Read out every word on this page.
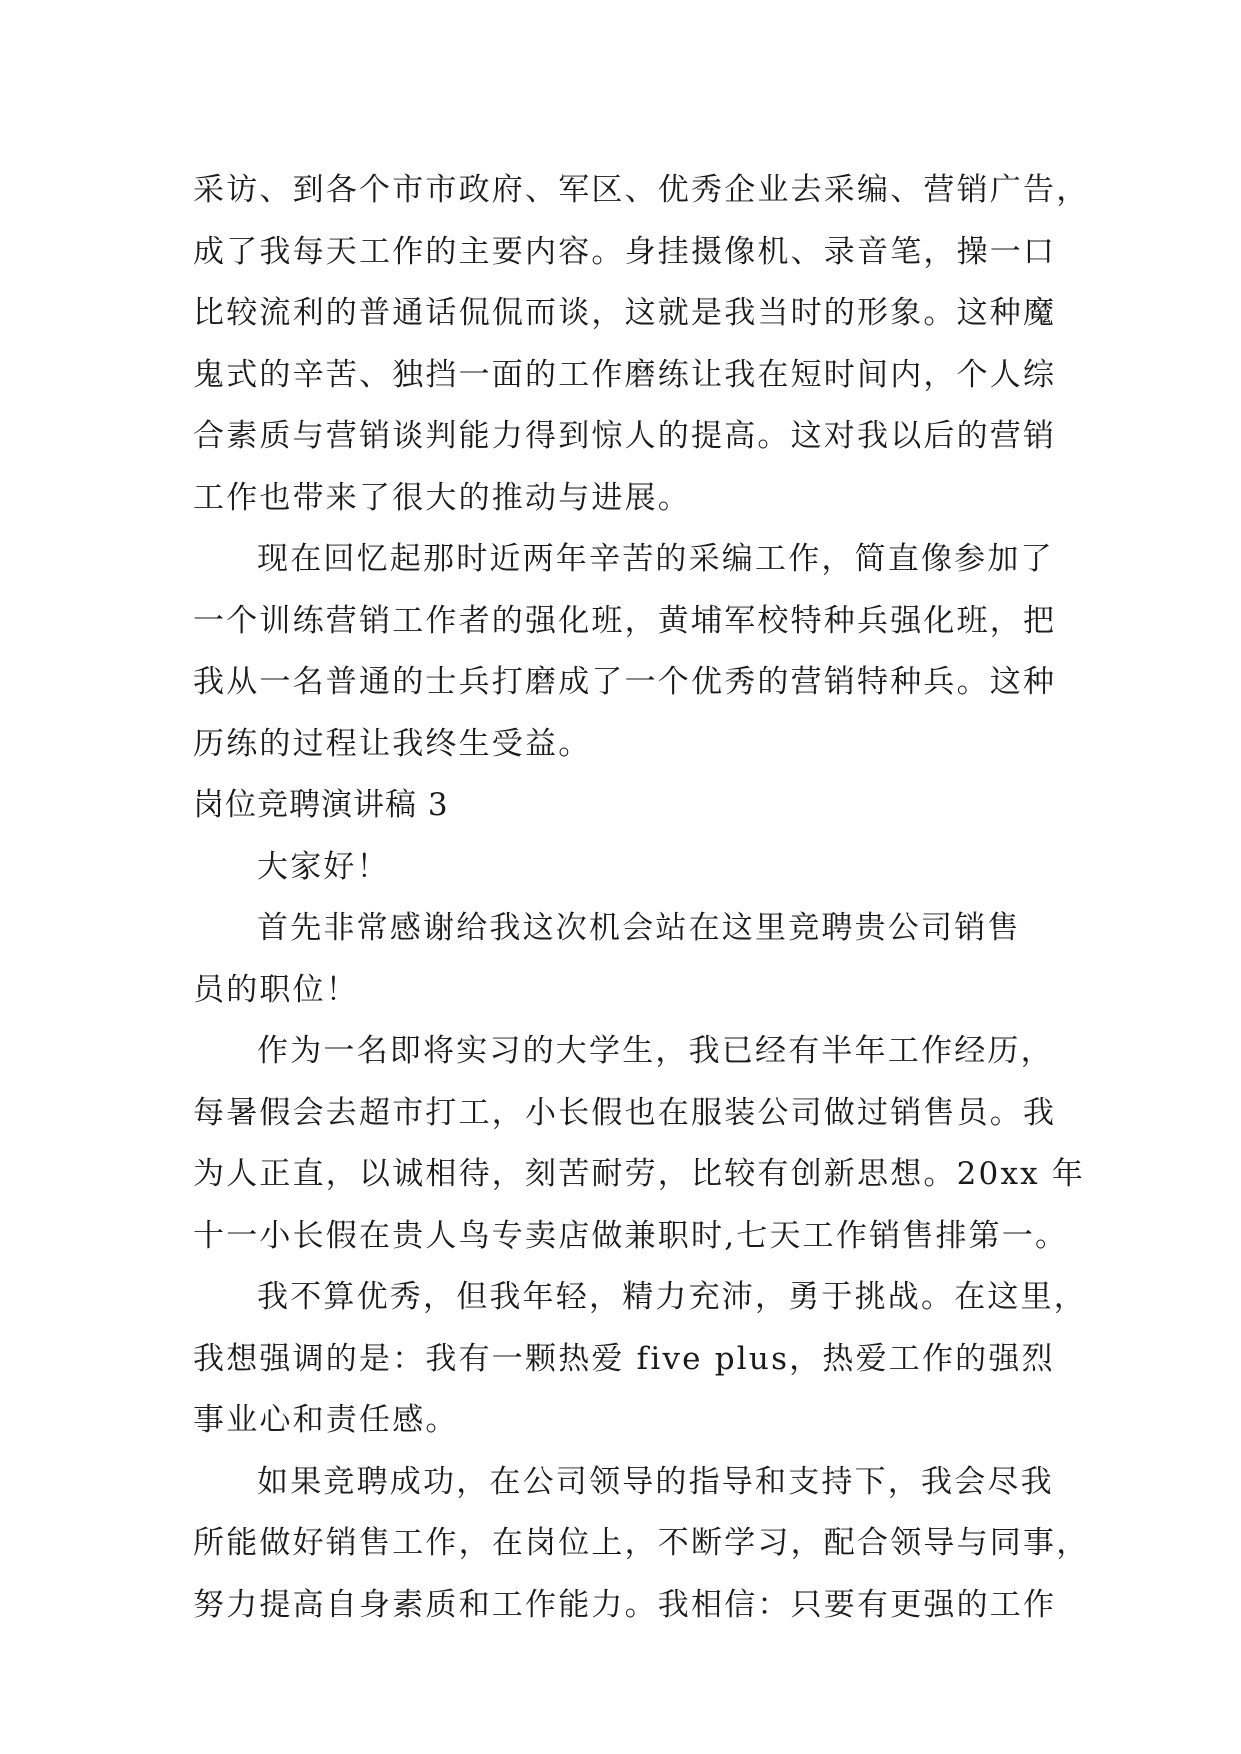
采访、到各个市市政府、军区、优秀企业去采编、营销广告，
成了我每天工作的主要内容。身挂摄像机、录音笔，操一口
比较流利的普通话侃侃而谈，这就是我当时的形象。这种魔
鬼式的辛苦、独挡一面的工作磨练让我在短时间内，个人综
合素质与营销谈判能力得到惊人的提高。这对我以后的营销
工作也带来了很大的推动与进展。
现在回忆起那时近两年辛苦的采编工作，简直像参加了
一个训练营销工作者的强化班，黄埔军校特种兵强化班，把
我从一名普通的士兵打磨成了一个优秀的营销特种兵。这种
历练的过程让我终生受益。
岗位竞聘演讲稿 3
大家好！
首先非常感谢给我这次机会站在这里竞聘贵公司销售
员的职位！
作为一名即将实习的大学生，我已经有半年工作经历，
每暑假会去超市打工，小长假也在服装公司做过销售员。我
为人正直，以诚相待，刻苦耐劳，比较有创新思想。20xx 年
十一小长假在贵人鸟专卖店做兼职时,七天工作销售排第一。
我不算优秀，但我年轻，精力充沛，勇于挑战。在这里，
我想强调的是：我有一颗热爱 five plus，热爱工作的强烈
事业心和责任感。
如果竞聘成功，在公司领导的指导和支持下，我会尽我
所能做好销售工作，在岗位上，不断学习，配合领导与同事，
努力提高自身素质和工作能力。我相信：只要有更强的工作
